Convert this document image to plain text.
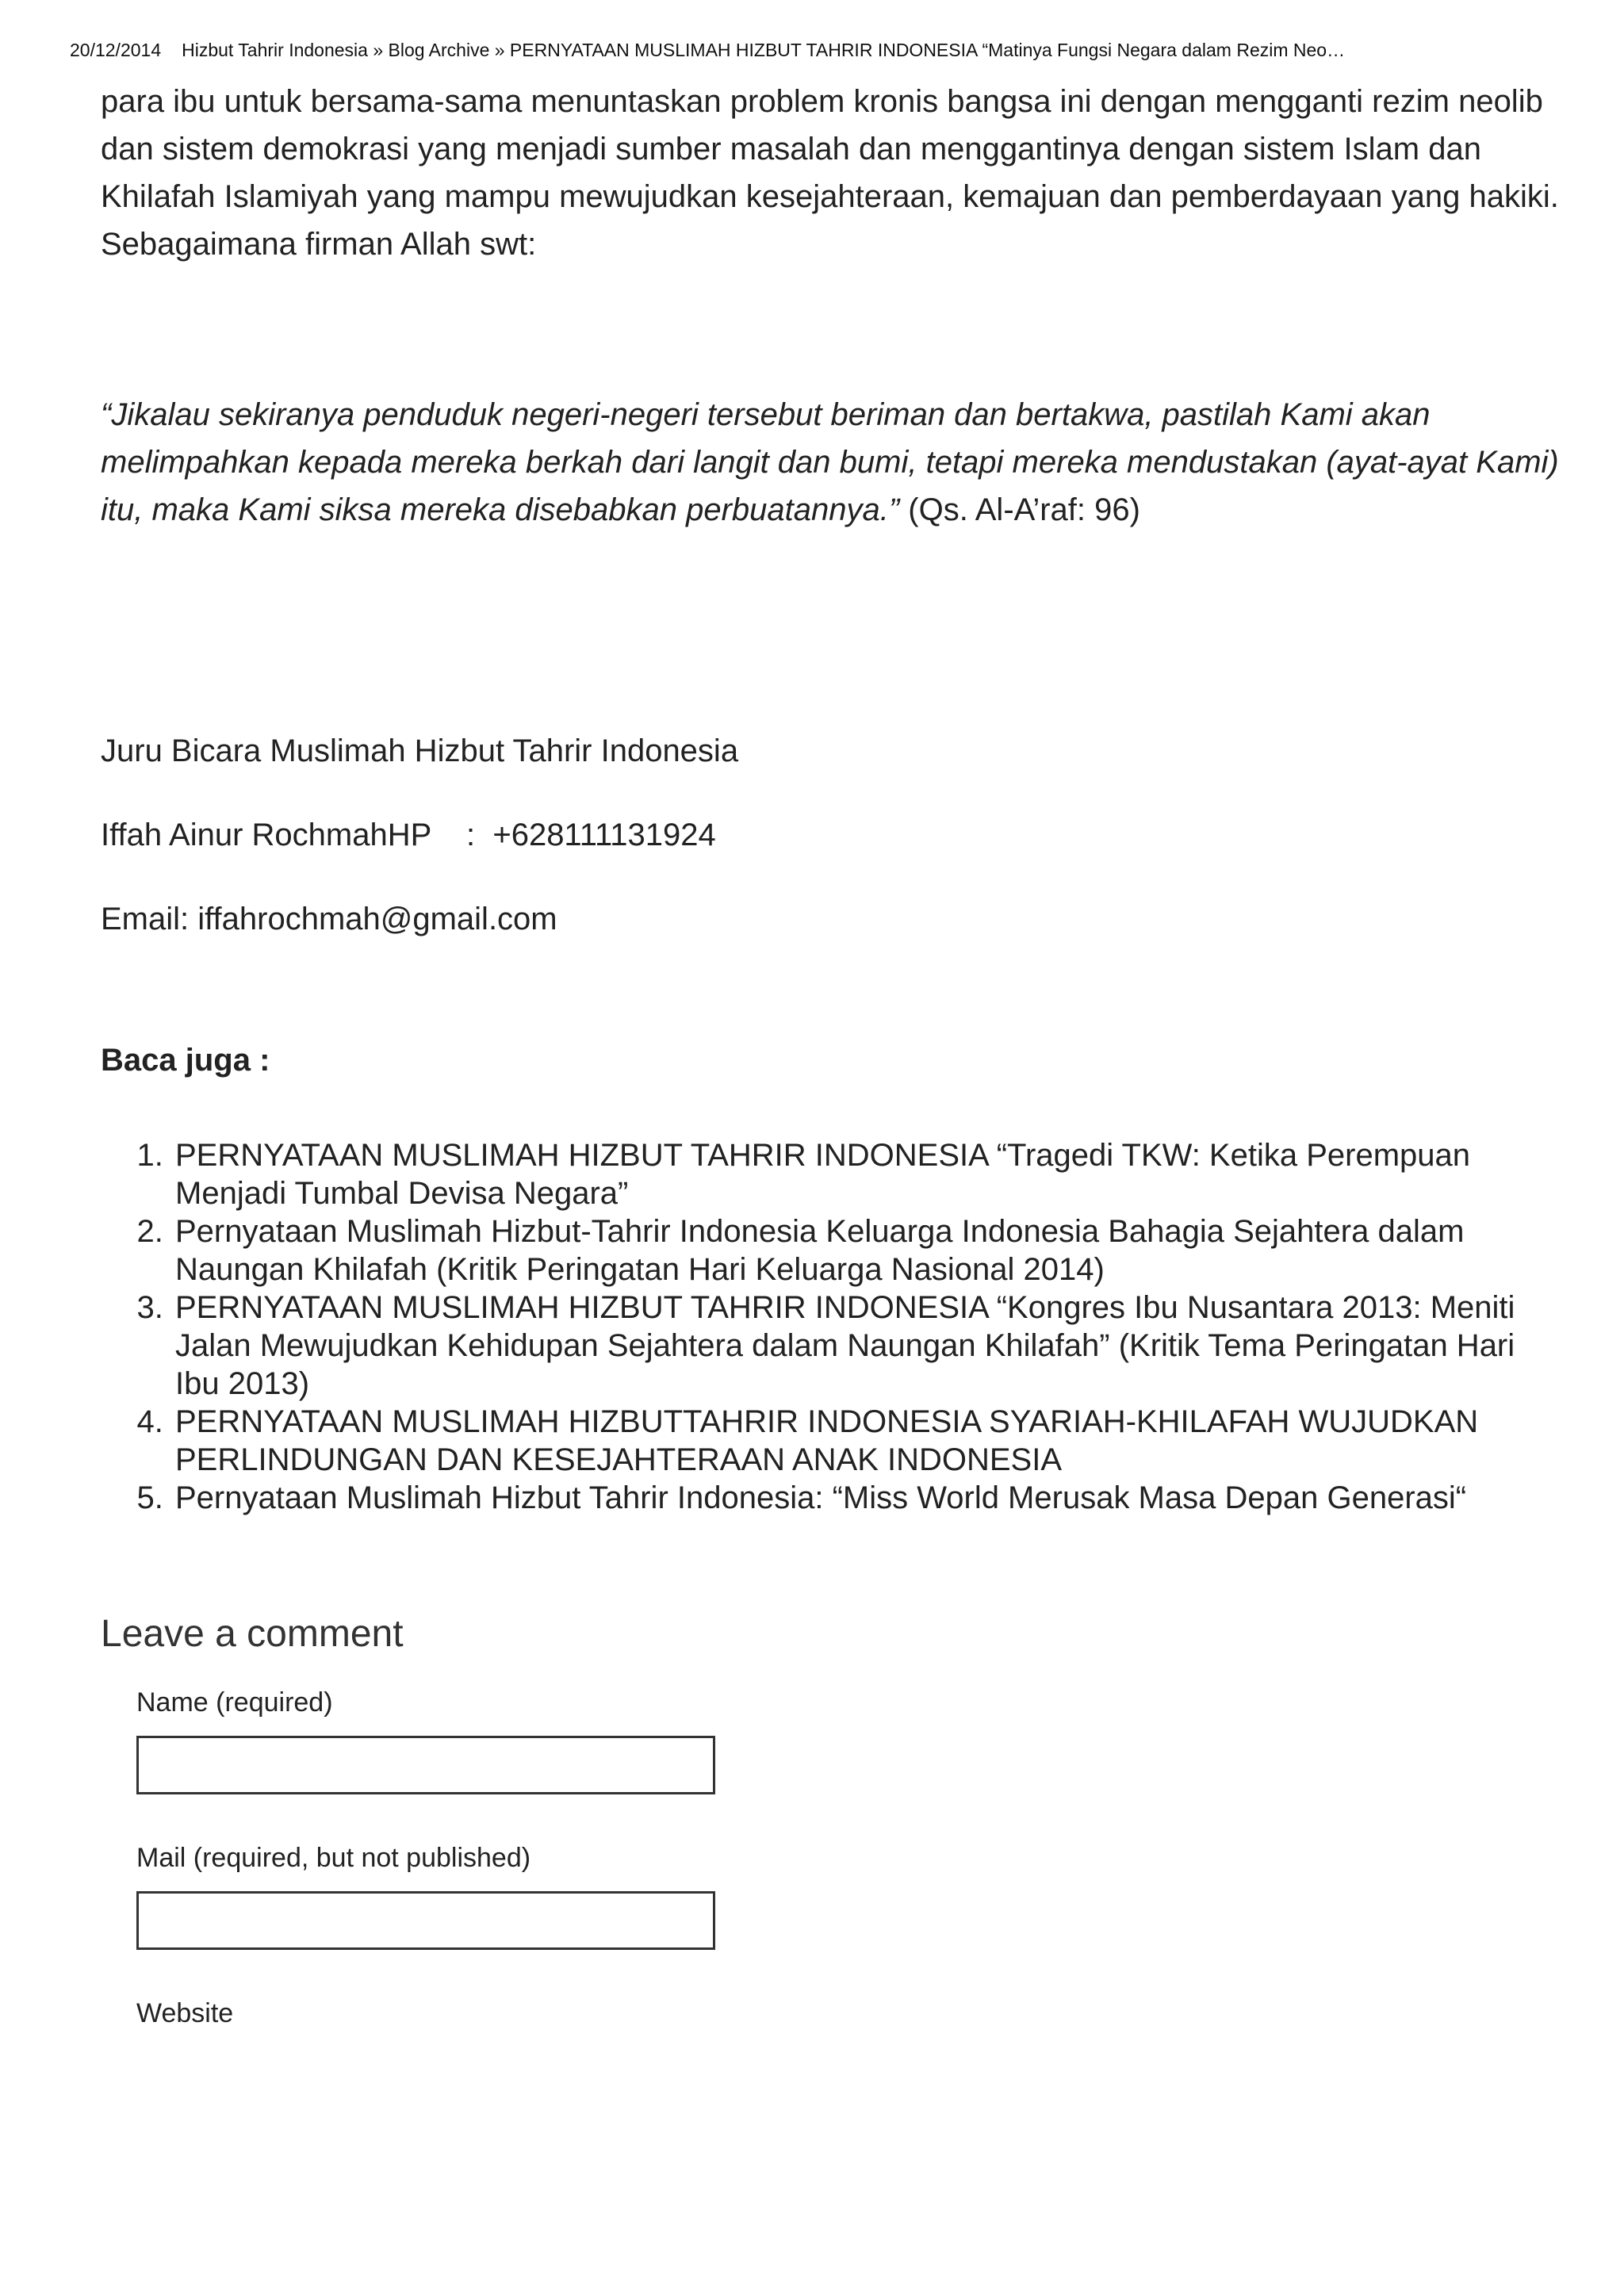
20/12/2014 Hizbut Tahrir Indonesia » Blog Archive » PERNYATAAN MUSLIMAH HIZBUT TAHRIR INDONESIA “Matinya Fungsi Negara dalam Rezim Neo…

para ibu untuk bersama-sama menuntaskan problem kronis bangsa ini dengan mengganti rezim neolib dan sistem demokrasi yang menjadi sumber masalah dan menggantinya dengan sistem Islam dan Khilafah Islamiyah yang mampu mewujudkan kesejahteraan, kemajuan dan pemberdayaan yang hakiki. Sebagaimana firman Allah swt:

“Jikalau sekiranya penduduk negeri-negeri tersebut beriman dan bertakwa, pastilah Kami akan melimpahkan kepada mereka berkah dari langit dan bumi, tetapi mereka mendustakan (ayat-ayat Kami) itu, maka Kami siksa mereka disebabkan perbuatannya.” (Qs. Al-A’raf: 96)

Juru Bicara Muslimah Hizbut Tahrir Indonesia

Iffah Ainur RochmahHP    :  +628111131924

Email: iffahrochmah@gmail.com

Baca juga :

1. PERNYATAAN MUSLIMAH HIZBUT TAHRIR INDONESIA “Tragedi TKW: Ketika Perempuan Menjadi Tumbal Devisa Negara”
2. Pernyataan Muslimah Hizbut-Tahrir Indonesia Keluarga Indonesia Bahagia Sejahtera dalam Naungan Khilafah (Kritik Peringatan Hari Keluarga Nasional 2014)
3. PERNYATAAN MUSLIMAH HIZBUT TAHRIR INDONESIA “Kongres Ibu Nusantara 2013: Meniti Jalan Mewujudkan Kehidupan Sejahtera dalam Naungan Khilafah” (Kritik Tema Peringatan Hari Ibu 2013)
4. PERNYATAAN MUSLIMAH HIZBUTTAHRIR INDONESIA SYARIAH-KHILAFAH WUJUDKAN PERLINDUNGAN DAN KESEJAHTERAAN ANAK INDONESIA
5. Pernyataan Muslimah Hizbut Tahrir Indonesia: “Miss World Merusak Masa Depan Generasi“
Leave a comment
Name (required)
Mail (required, but not published)
Website
